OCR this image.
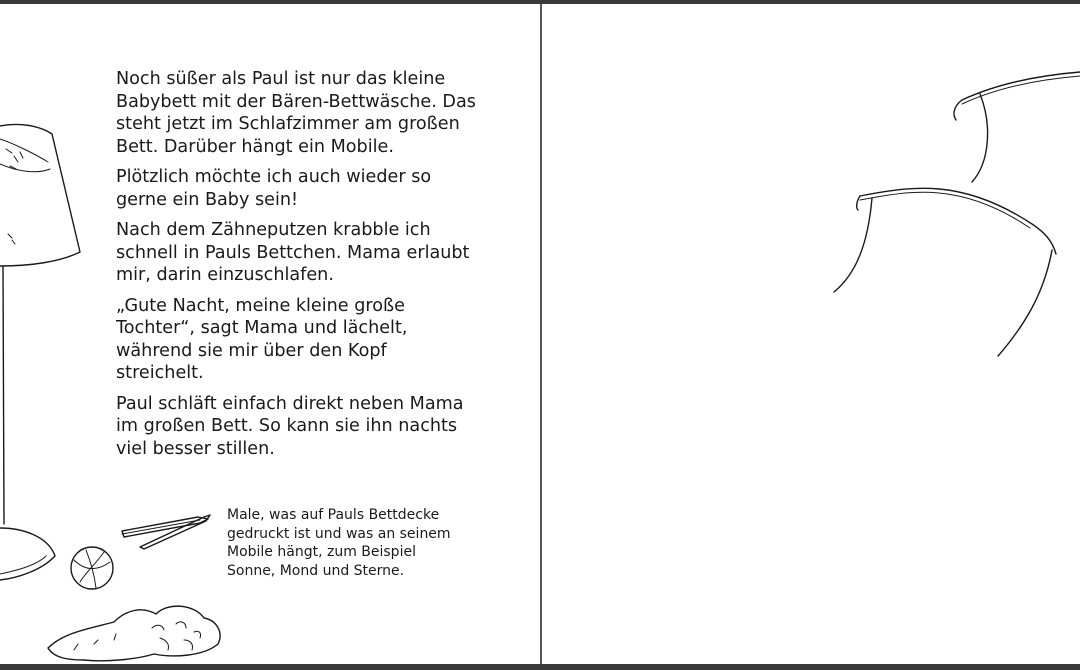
Noch süßer als Paul ist nur das kleine Babybett mit der Bären-Bettwäsche. Das steht jetzt im Schlafzimmer am großen Bett. Darüber hängt ein Mobile.

Plötzlich möchte ich auch wieder so gerne ein Baby sein!

Nach dem Zähneputzen krabble ich schnell in Pauls Bettchen. Mama erlaubt mir, darin einzuschlafen.

„Gute Nacht, meine kleine große Tochter“, sagt Mama und lächelt, während sie mir über den Kopf streichelt.

Paul schläft einfach direkt neben Mama im großen Bett. So kann sie ihn nachts viel besser stillen.

Male, was auf Pauls Bettdecke gedruckt ist und was an seinem Mobile hängt, zum Beispiel Sonne, Mond und Sterne.
